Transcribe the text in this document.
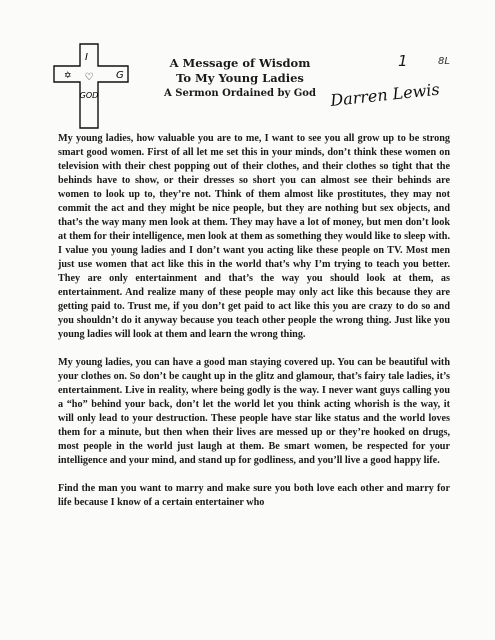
✡
I
G
♡
GOD
A Message of Wisdom
To My Young Ladies
A Sermon Ordained by God
1	8L
Darren Lewis

My young ladies, how valuable you are to me, I want to see you all grow up to be strong smart good women. First of all let me set this in your minds, don’t think these women on television with their chest popping out of their clothes, and their clothes so tight that the behinds have to show, or their dresses so short you can almost see their behinds are women to look up to, they’re not. Think of them almost like prostitutes, they may not commit the act and they might be nice people, but they are nothing but sex objects, and that’s the way many men look at them. They may have a lot of money, but men don’t look at them for their intelligence, men look at them as something they would like to sleep with. I value you young ladies and I don’t want you acting like these people on TV. Most men just use women that act like this in the world that’s why I’m trying to teach you better. They are only entertainment and that’s the way you should look at them, as entertainment. And realize many of these people may only act like this because they are getting paid to. Trust me, if you don’t get paid to act like this you are crazy to do so and you shouldn’t do it anyway because you teach other people the wrong thing. Just like you young ladies will look at them and learn the wrong thing.

My young ladies, you can have a good man staying covered up. You can be beautiful with your clothes on. So don’t be caught up in the glitz and glamour, that’s fairy tale ladies, it’s entertainment. Live in reality, where being godly is the way. I never want guys calling you a “ho” behind your back, don’t let the world let you think acting whorish is the way, it will only lead to your destruction. These people have star like status and the world loves them for a minute, but then when their lives are messed up or they’re hooked on drugs, most people in the world just laugh at them. Be smart women, be respected for your intelligence and your mind, and stand up for godliness, and you’ll live a good happy life.

Find the man you want to marry and make sure you both love each other and marry for life because I know of a certain entertainer who
